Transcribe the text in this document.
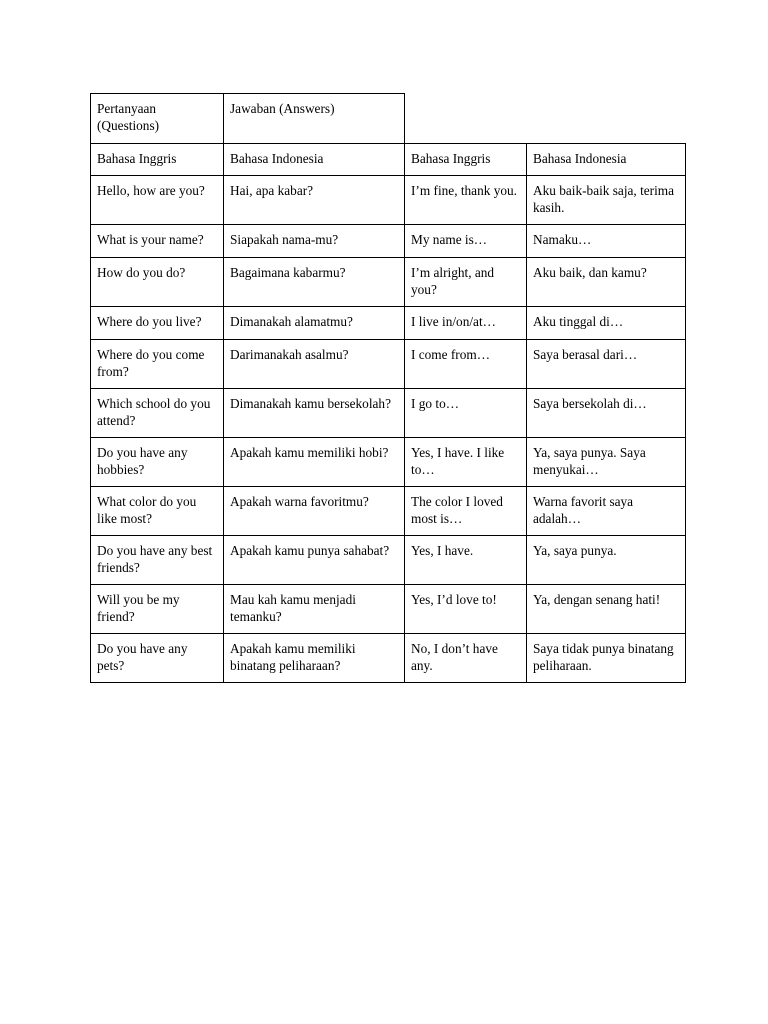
Pertanyaan (Questions)	Jawaban (Answers)		
Bahasa Inggris	Bahasa Indonesia	Bahasa Inggris	Bahasa Indonesia
Hello, how are you?	Hai, apa kabar?	I’m fine, thank you.	Aku baik-baik saja, terima kasih.
What is your name?	Siapakah nama-mu?	My name is…	Namaku…
How do you do?	Bagaimana kabarmu?	I’m alright, and you?	Aku baik, dan kamu?
Where do you live?	Dimanakah alamatmu?	I live in/on/at…	Aku tinggal di…
Where do you come from?	Darimanakah asalmu?	I come from…	Saya berasal dari…
Which school do you attend?	Dimanakah kamu bersekolah?	I go to…	Saya bersekolah di…
Do you have any hobbies?	Apakah kamu memiliki hobi?	Yes, I have. I like to…	Ya, saya punya. Saya menyukai…
What color do you like most?	Apakah warna favoritmu?	The color I loved most is…	Warna favorit saya adalah…
Do you have any best friends?	Apakah kamu punya sahabat?	Yes, I have.	Ya, saya punya.
Will you be my friend?	Mau kah kamu menjadi temanku?	Yes, I’d love to!	Ya, dengan senang hati!
Do you have any pets?	Apakah kamu memiliki binatang peliharaan?	No, I don’t have any.	Saya tidak punya binatang peliharaan.
